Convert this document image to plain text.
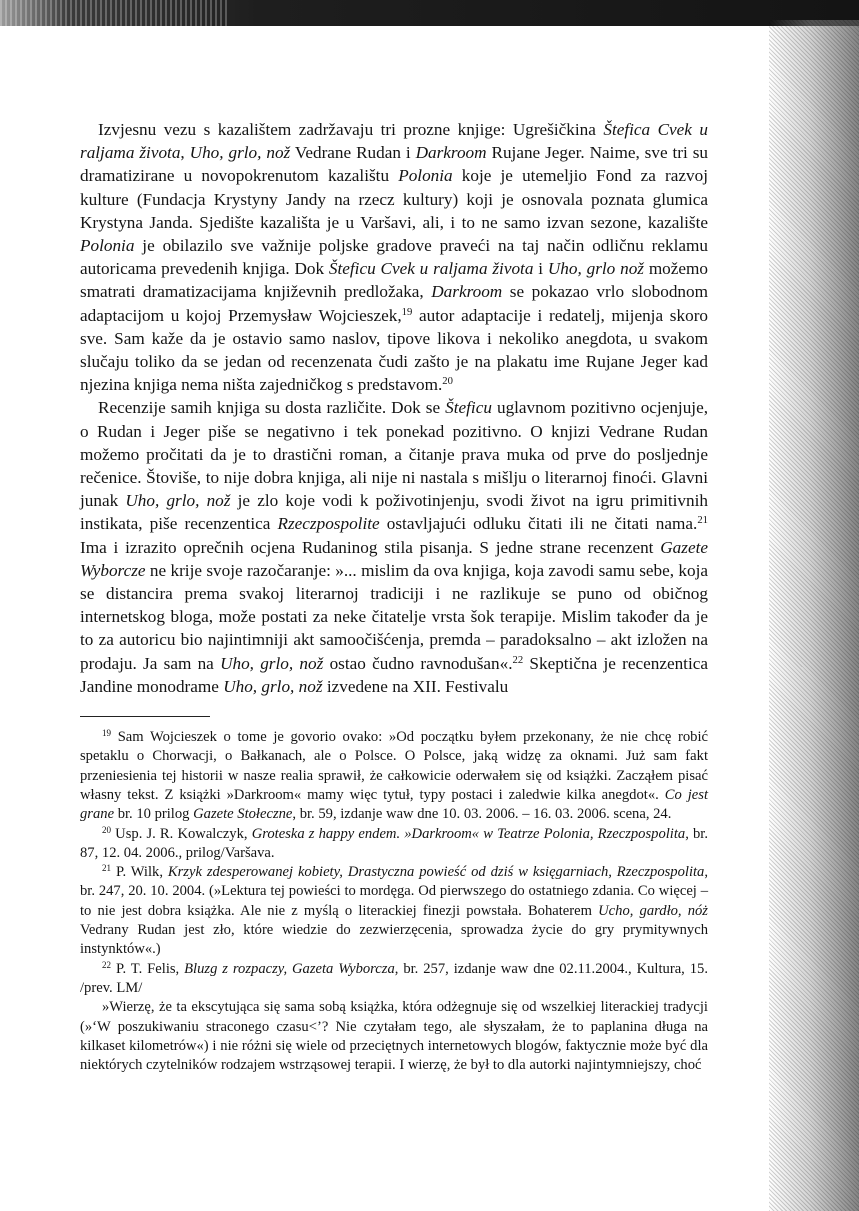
Izvjesnu vezu s kazalištem zadržavaju tri prozne knjige: Ugrešičkina Štefica Cvek u raljama života, Uho, grlo, nož Vedrane Rudan i Darkroom Rujane Jeger. Naime, sve tri su dramatizirane u novopokrenutom kazalištu Polonia koje je utemeljio Fond za razvoj kulture (Fundacja Krystyny Jandy na rzecz kultury) koji je osnovala poznata glumica Krystyna Janda. Sjedište kazališta je u Varšavi, ali, i to ne samo izvan sezone, kazalište Polonia je obilazilo sve važnije poljske gradove praveći na taj način odličnu reklamu autoricama prevedenih knjiga. Dok Šteficu Cvek u raljama života i Uho, grlo nož možemo smatrati dramatizacijama književnih predložaka, Darkroom se pokazao vrlo slobodnom adaptacijom u kojoj Przemysław Wojcieszek,$^{19}$ autor adaptacije i redatelj, mijenja skoro sve. Sam kaže da je ostavio samo naslov, tipove likova i nekoliko anegdota, u svakom slučaju toliko da se jedan od recenzenata čudi zašto je na plakatu ime Rujane Jeger kad njezina knjiga nema ništa zajedničkog s predstavom.$^{20}$

Recenzije samih knjiga su dosta različite. Dok se Šteficu uglavnom pozitivno ocjenjuje, o Rudan i Jeger piše se negativno i tek ponekad pozitivno. O knjizi Vedrane Rudan možemo pročitati da je to drastični roman, a čitanje prava muka od prve do posljednje rečenice. Štoviše, to nije dobra knjiga, ali nije ni nastala s mišlju o literarnoj finoći. Glavni junak Uho, grlo, nož je zlo koje vodi k poživotinjenju, svodi život na igru primitivnih instikata, piše recenzentica Rzeczpospolite ostavljajući odluku čitati ili ne čitati nama.$^{21}$ Ima i izrazito oprečnih ocjena Rudaninog stila pisanja. S jedne strane recenzent Gazete Wyborcze ne krije svoje razočaranje: »... mislim da ova knjiga, koja zavodi samu sebe, koja se distancira prema svakoj literarnoj tradiciji i ne razlikuje se puno od običnog internetskog bloga, može postati za neke čitatelje vrsta šok terapije. Mislim također da je to za autoricu bio najintimniji akt samoočišćenja, premda – paradoksalno – akt izložen na prodaju. Ja sam na Uho, grlo, nož ostao čudno ravnodušan«.$^{22}$ Skeptična je recenzentica Jandine monodrame Uho, grlo, nož izvedene na XII. Festivalu

$^{19}$ Sam Wojcieszek o tome je govorio ovako: »Od początku byłem przekonany, że nie chcę robić spetaklu o Chorwacji, o Bałkanach, ale o Polsce. O Polsce, jaką widzę za oknami. Już sam fakt przeniesienia tej historii w nasze realia sprawił, że całkowicie oderwałem się od książki. Zacząłem pisać własny tekst. Z książki »Darkroom« mamy więc tytuł, typy postaci i zaledwie kilka anegdot«. Co jest grane br. 10 prilog Gazete Stołeczne, br. 59, izdanje waw dne 10. 03. 2006. – 16. 03. 2006. scena, 24.

$^{20}$ Usp. J. R. Kowalczyk, Groteska z happy endem. »Darkroom« w Teatrze Polonia, Rzeczpospolita, br. 87, 12. 04. 2006., prilog/Varšava.

$^{21}$ P. Wilk, Krzyk zdesperowanej kobiety, Drastyczna powieść od dziś w księgarniach, Rzeczpospolita, br. 247, 20. 10. 2004. (»Lektura tej powieści to mordęga. Od pierwszego do ostatniego zdania. Co więcej – to nie jest dobra książka. Ale nie z myślą o literackiej finezji powstała. Bohaterem Ucho, gardło, nóż Vedrany Rudan jest zło, które wiedzie do zezwierzęcenia, sprowadza życie do gry prymitywnych instynktów«.)

$^{22}$ P. T. Felis, Bluzg z rozpaczy, Gazeta Wyborcza, br. 257, izdanje waw dne 02.11.2004., Kultura, 15. /prev. LM/

»Wierzę, że ta ekscytująca się sama sobą książka, która odżegnuje się od wszelkiej literackiej tradycji (»‘W poszukiwaniu straconego czasu<’? Nie czytałam tego, ale słyszałam, że to paplanina długa na kilkaset kilometrów«) i nie różni się wiele od przeciętnych internetowych blogów, faktycznie może być dla niektórych czytelników rodzajem wstrząsowej terapii. I wierzę, że był to dla autorki najintymniejszy, choć
